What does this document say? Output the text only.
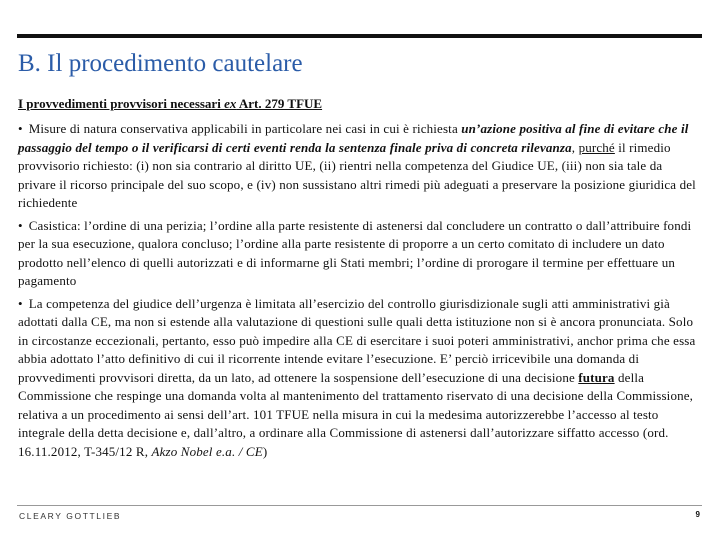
B. Il procedimento cautelare

I provvedimenti provvisori necessari ex Art. 279 TFUE

• Misure di natura conservativa applicabili in particolare nei casi in cui è richiesta un’azione positiva al fine di evitare che il passaggio del tempo o il verificarsi di certi eventi renda la sentenza finale priva di concreta rilevanza, purché il rimedio provvisorio richiesto: (i) non sia contrario al diritto UE, (ii) rientri nella competenza del Giudice UE, (iii) non sia tale da privare il ricorso principale del suo scopo, e (iv) non sussistano altri rimedi più adeguati a preservare la posizione giuridica del richiedente

• Casistica: l’ordine di una perizia; l’ordine alla parte resistente di astenersi dal concludere un contratto o dall’attribuire fondi per la sua esecuzione, qualora concluso; l’ordine alla parte resistente di proporre a un certo comitato di includere un dato prodotto nell’elenco di quelli autorizzati e di informarne gli Stati membri; l’ordine di prorogare il termine per effettuare un pagamento

• La competenza del giudice dell’urgenza è limitata all’esercizio del controllo giurisdizionale sugli atti amministrativi già adottati dalla CE, ma non si estende alla valutazione di questioni sulle quali detta istituzione non si è ancora pronunciata. Solo in circostanze eccezionali, pertanto, esso può impedire alla CE di esercitare i suoi poteri amministrativi, anchor prima che essa abbia adottato l’atto definitivo di cui il ricorrente intende evitare l’esecuzione. E’ perciò irricevibile una domanda di provvedimenti provvisori diretta, da un lato, ad ottenere la sospensione dell’esecuzione di una decisione futura della Commissione che respinge una domanda volta al mantenimento del trattamento riservato di una decisione della Commissione, relativa a un procedimento ai sensi dell’art. 101 TFUE nella misura in cui la medesima autorizzerebbe l’accesso al testo integrale della detta decisione e, dall’altro, a ordinare alla Commissione di astenersi dall’autorizzare siffatto accesso (ord. 16.11.2012, T-345/12 R, Akzo Nobel e.a. / CE)

CLEARY GOTTLIEB	9
